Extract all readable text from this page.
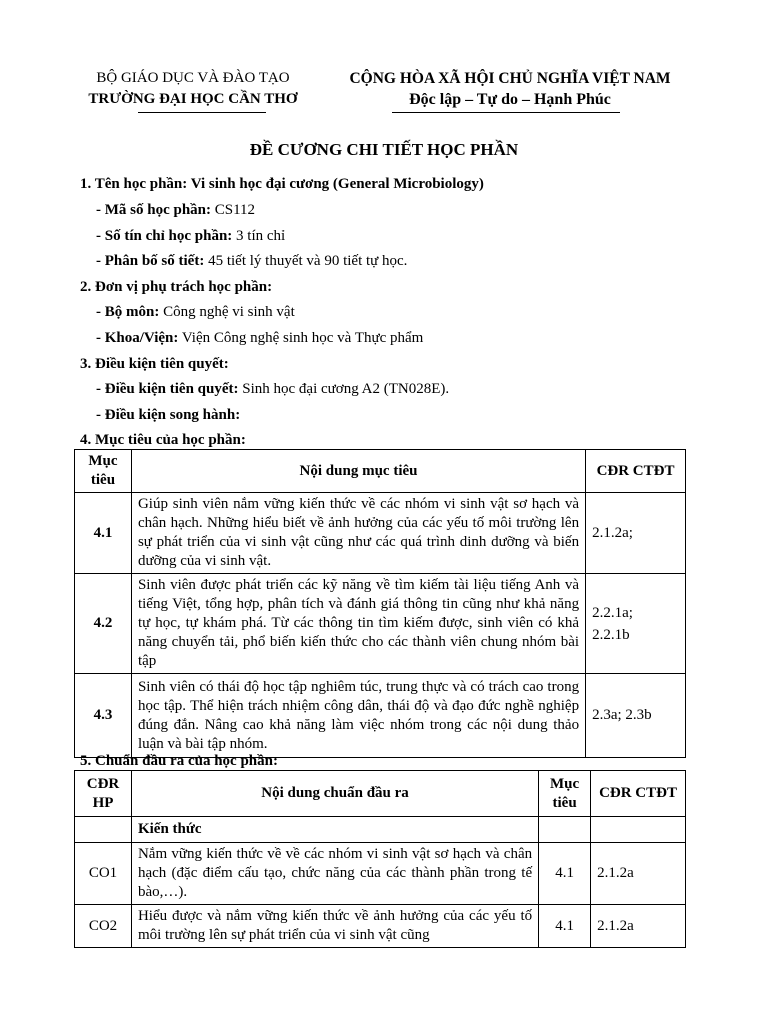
BỘ GIÁO DỤC VÀ ĐÀO TẠO
TRƯỜNG ĐẠI HỌC CẦN THƠ
CỘNG HÒA XÃ HỘI CHỦ NGHĨA VIỆT NAM
Độc lập – Tự do – Hạnh Phúc
ĐỀ CƯƠNG CHI TIẾT HỌC PHẦN
1. Tên học phần: Vi sinh học đại cương (General Microbiology)
- Mã số học phần: CS112
- Số tín chỉ học phần: 3 tín chỉ
- Phân bố số tiết: 45 tiết lý thuyết và 90 tiết tự học.
2. Đơn vị phụ trách học phần:
- Bộ môn: Công nghệ vi sinh vật
- Khoa/Viện: Viện Công nghệ sinh học và Thực phẩm
3. Điều kiện tiên quyết:
- Điều kiện tiên quyết: Sinh học đại cương A2 (TN028E).
- Điều kiện song hành:
4. Mục tiêu của học phần:
Mục tiêu	Nội dung mục tiêu	CĐR CTĐT
4.1	Giúp sinh viên nắm vững kiến thức về các nhóm vi sinh vật sơ hạch và chân hạch. Những hiểu biết về ảnh hưởng của các yếu tố môi trường lên sự phát triển của vi sinh vật cũng như các quá trình dinh dưỡng và biến dưỡng của vi sinh vật.	2.1.2a;
4.2	Sinh viên được phát triển các kỹ năng về tìm kiếm tài liệu tiếng Anh và tiếng Việt, tổng hợp, phân tích và đánh giá thông tin cũng như khả năng tự học, tự khám phá. Từ các thông tin tìm kiếm được, sinh viên có khả năng chuyển tải, phổ biến kiến thức cho các thành viên chung nhóm bài tập	2.2.1a;
2.2.1b
4.3	Sinh viên có thái độ học tập nghiêm túc, trung thực và có trách cao trong học tập. Thể hiện trách nhiệm công dân, thái độ và đạo đức nghề nghiệp đúng đắn. Nâng cao khả năng làm việc nhóm trong các nội dung thảo luận và bài tập nhóm.	2.3a; 2.3b
5. Chuẩn đầu ra của học phần:
CĐR HP	Nội dung chuẩn đầu ra	Mục tiêu	CĐR CTĐT
	Kiến thức		
CO1	Nắm vững kiến thức về về các nhóm vi sinh vật sơ hạch và chân hạch (đặc điểm cấu tạo, chức năng của các thành phần trong tế bào,…).	4.1	2.1.2a
CO2	Hiểu được và nắm vững kiến thức về ảnh hưởng của các yếu tố môi trường lên sự phát triển của vi sinh vật cũng	4.1	2.1.2a
